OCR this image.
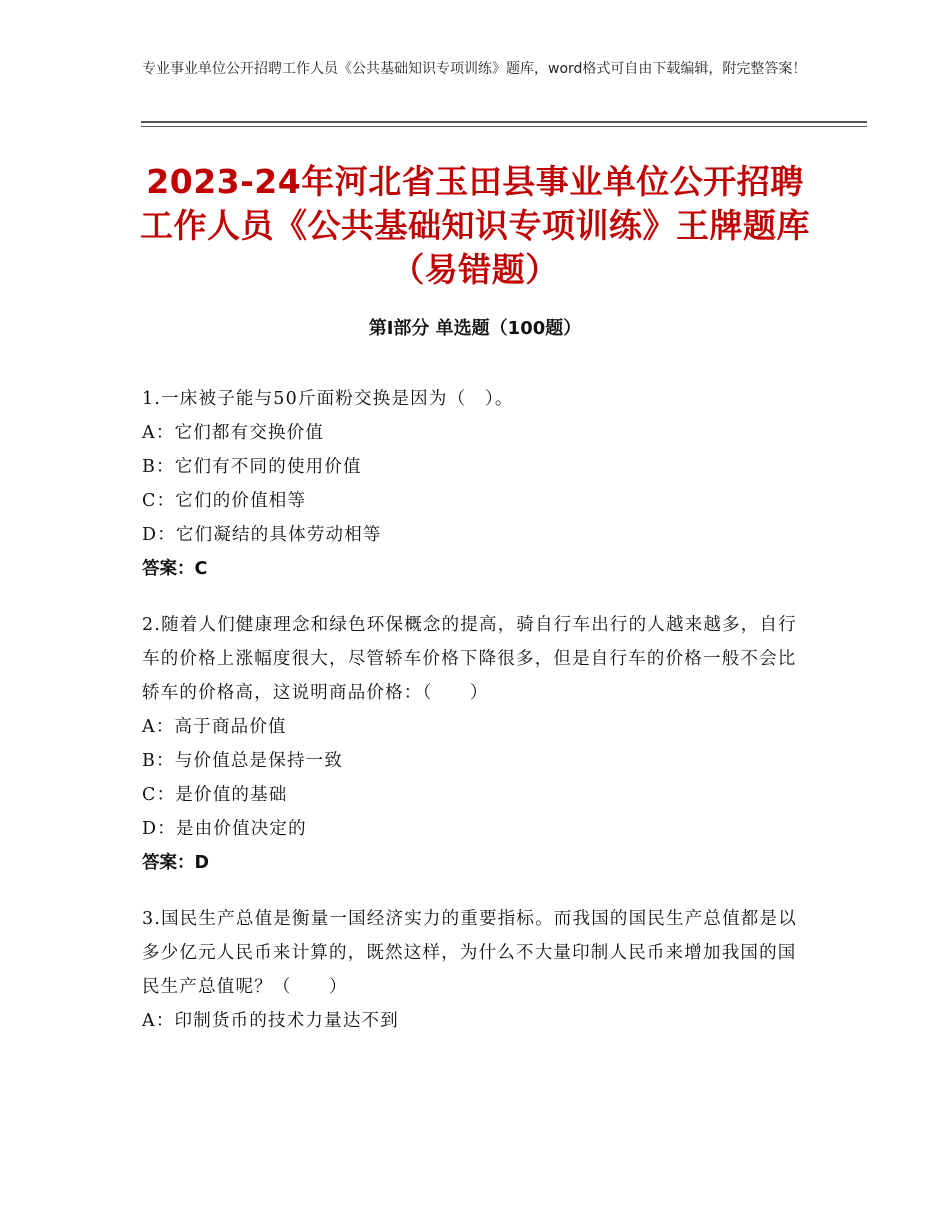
专业事业单位公开招聘工作人员《公共基础知识专项训练》题库，word格式可自由下载编辑，附完整答案！
2023-24年河北省玉田县事业单位公开招聘工作人员《公共基础知识专项训练》王牌题库（易错题）
第Ⅰ部分 单选题（100题）
1.一床被子能与50斤面粉交换是因为（　）。
A：它们都有交换价值
B：它们有不同的使用价值
C：它们的价值相等
D：它们凝结的具体劳动相等
答案：C
2.随着人们健康理念和绿色环保概念的提高，骑自行车出行的人越来越多，自行车的价格上涨幅度很大，尽管轿车价格下降很多，但是自行车的价格一般不会比轿车的价格高，这说明商品价格：（　　）
A：高于商品价值
B：与价值总是保持一致
C：是价值的基础
D：是由价值决定的
答案：D
3.国民生产总值是衡量一国经济实力的重要指标。而我国的国民生产总值都是以多少亿元人民币来计算的，既然这样，为什么不大量印制人民币来增加我国的国民生产总值呢？（　　）
A：印制货币的技术力量达不到
